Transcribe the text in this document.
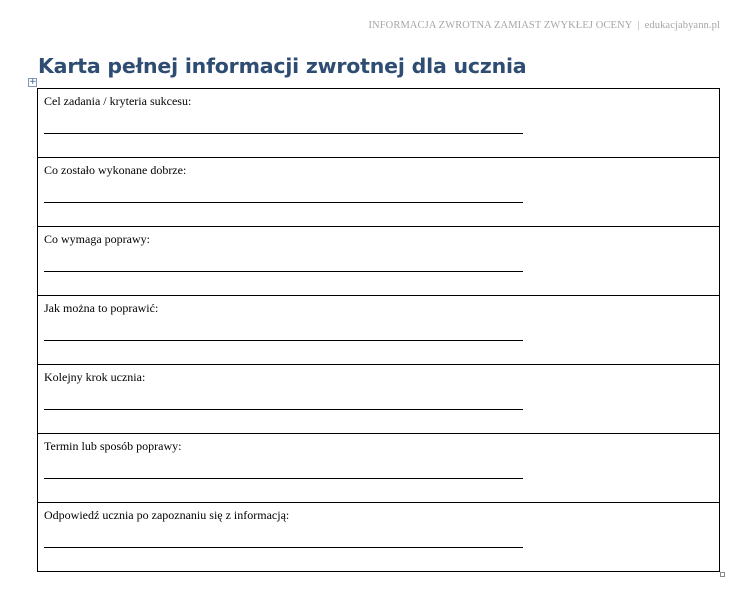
INFORMACJA ZWROTNA ZAMIAST ZWYKŁEJ OCENY | edukacjabyann.pl
Karta pełnej informacji zwrotnej dla ucznia
+
Cel zadania / kryteria sukcesu:
Co zostało wykonane dobrze:
Co wymaga poprawy:
Jak można to poprawić:
Kolejny krok ucznia:
Termin lub sposób poprawy:
Odpowiedź ucznia po zapoznaniu się z informacją:
